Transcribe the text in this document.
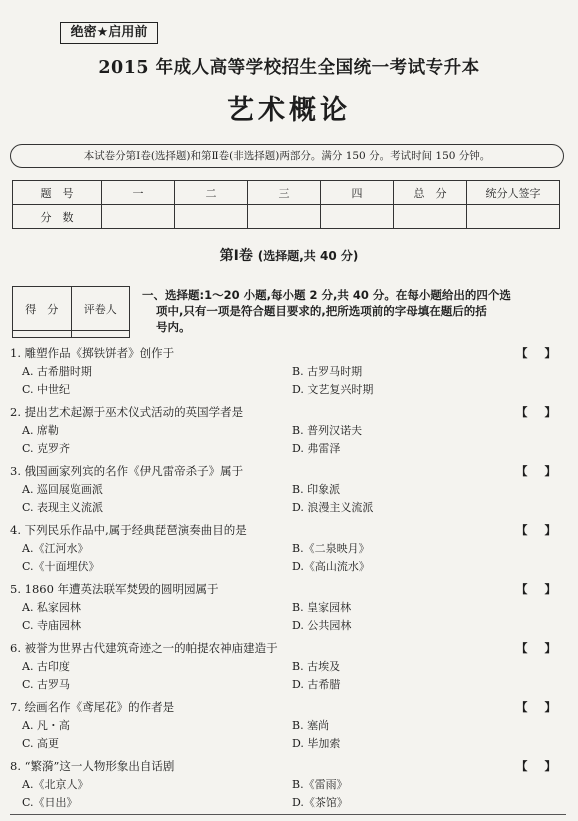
绝密★启用前
2015 年成人高等学校招生全国统一考试专升本
艺术概论
本试卷分第Ⅰ卷(选择题)和第Ⅱ卷(非选择题)两部分。满分 150 分。考试时间 150 分钟。
题　号	一	二	三	四	总　分	统分人签字
分　数						
第Ⅰ卷 (选择题,共 40 分)
得　分	评卷人

一、选择题:1～20 小题,每小题 2 分,共 40 分。在每小题给出的四个选
项中,只有一项是符合题目要求的,把所选项前的字母填在题后的括
号内。
1. 雕塑作品《掷铁饼者》创作于	【 】
A. 古希腊时期	B. 古罗马时期
C. 中世纪	D. 文艺复兴时期
2. 提出艺术起源于巫术仪式活动的英国学者是	【 】
A. 席勒	B. 普列汉诺夫
C. 克罗齐	D. 弗雷泽
3. 俄国画家列宾的名作《伊凡雷帝杀子》属于	【 】
A. 巡回展览画派	B. 印象派
C. 表现主义流派	D. 浪漫主义流派
4. 下列民乐作品中,属于经典琵琶演奏曲目的是	【 】
A.《江河水》	B.《二泉映月》
C.《十面埋伏》	D.《高山流水》
5. 1860 年遭英法联军焚毁的圆明园属于	【 】
A. 私家园林	B. 皇家园林
C. 寺庙园林	D. 公共园林
6. 被誉为世界古代建筑奇迹之一的帕提农神庙建造于	【 】
A. 古印度	B. 古埃及
C. 古罗马	D. 古希腊
7. 绘画名作《鸢尾花》的作者是	【 】
A. 凡・高	B. 塞尚
C. 高更	D. 毕加索
8. “繁漪”这一人物形象出自话剧	【 】
A.《北京人》	B.《雷雨》
C.《日出》	D.《茶馆》
